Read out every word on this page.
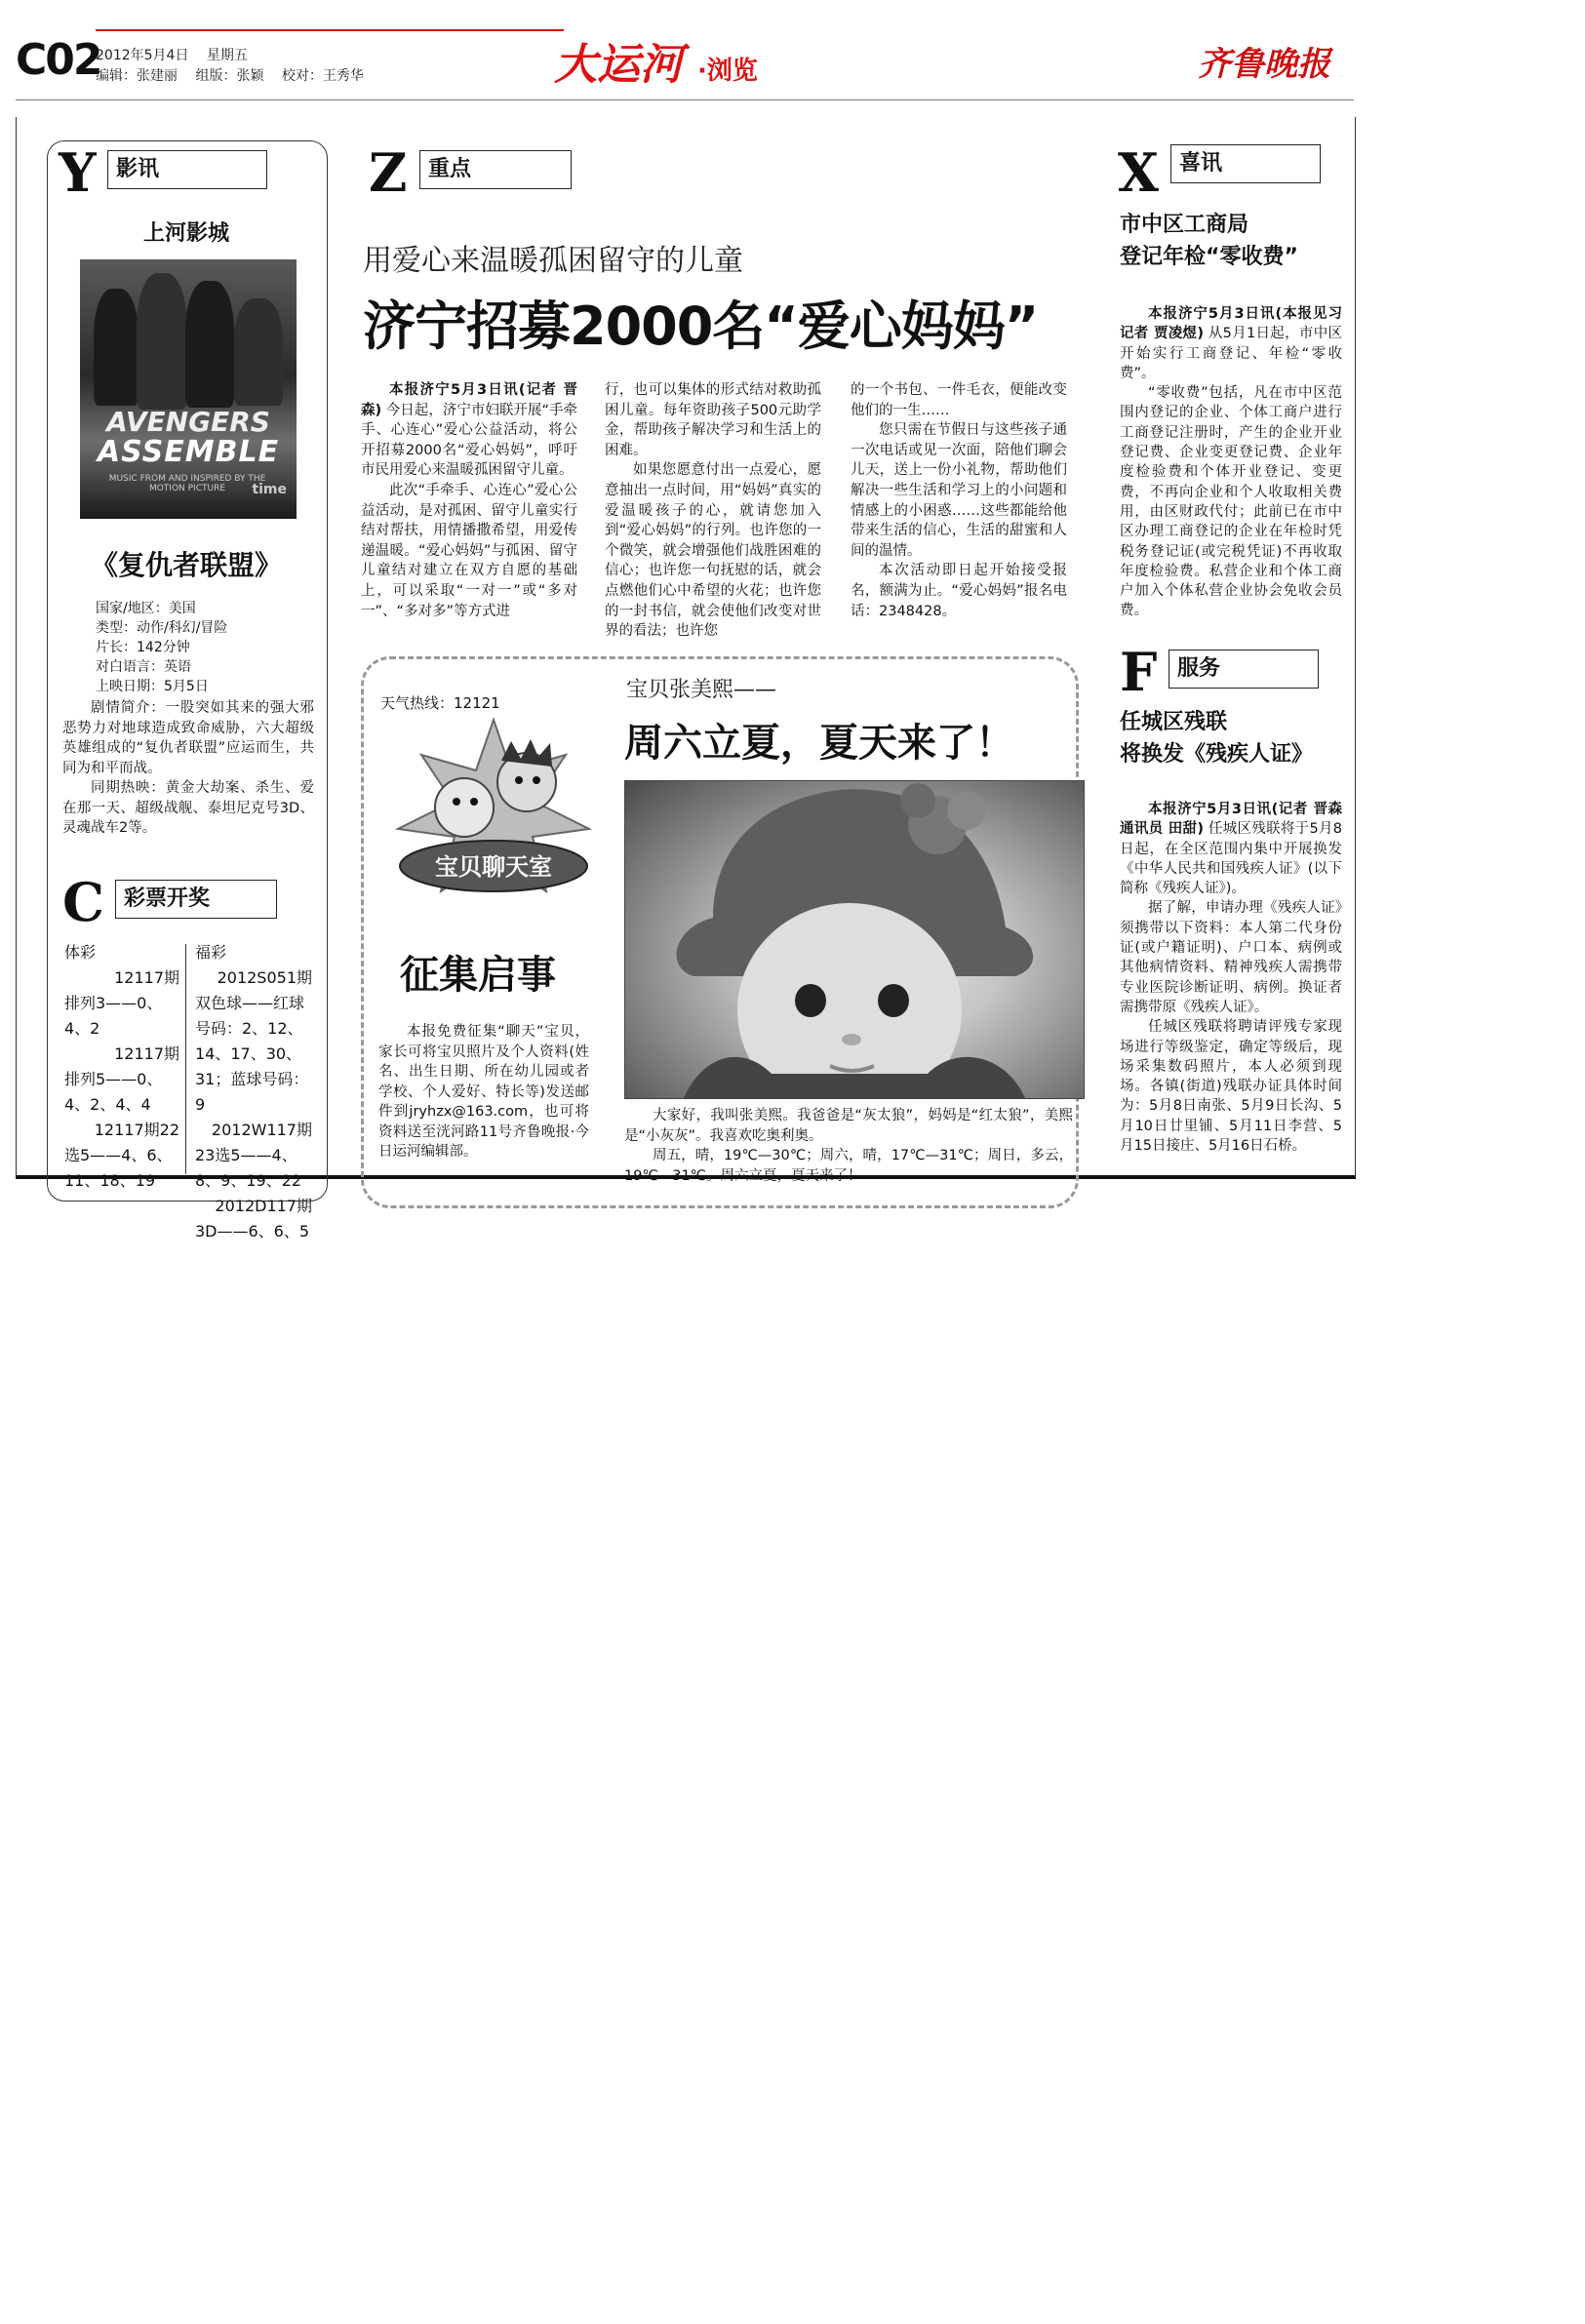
C02
2012年5月4日 星期五
编辑：张建丽 组版：张颖 校对：王秀华	大运河 ·浏览	齐鲁晚报
Y 影讯
上河影城
AVENGERS
ASSEMBLE
MUSIC FROM AND INSPIRED BY THE MOTION PICTURE	time
《复仇者联盟》
国家/地区：美国
类型：动作/科幻/冒险
片长：142分钟
对白语言：英语
上映日期：5月5日
剧情简介：一股突如其来的强大邪恶势力对地球造成致命威胁，六大超级英雄组成的“复仇者联盟”应运而生，共同为和平而战。
同期热映：黄金大劫案、杀生、爱在那一天、超级战舰、泰坦尼克号3D、灵魂战车2等。
C 彩票开奖
体彩
12117期
排列3——0、4、2
12117期
排列5——0、4、2、4、4
12117期22
选5——4、6、11、18、19
福彩
2012S051期
双色球——红球号码：2、12、14、17、30、31；蓝球号码：9
2012W117期
23选5——4、8、9、19、22
2012D117期
3D——6、6、5
Z 重点
用爱心来温暖孤困留守的儿童
济宁招募2000名“爱心妈妈”
本报济宁5月3日讯(记者 晋森) 今日起，济宁市妇联开展“手牵手、心连心”爱心公益活动，将公开招募2000名“爱心妈妈”，呼吁市民用爱心来温暖孤困留守儿童。
此次“手牵手、心连心”爱心公益活动，是对孤困、留守儿童实行结对帮扶，用情播撒希望，用爱传递温暖。“爱心妈妈”与孤困、留守儿童结对建立在双方自愿的基础上，可以采取“一对一”或“多对一”、“多对多”等方式进
行，也可以集体的形式结对救助孤困儿童。每年资助孩子500元助学金，帮助孩子解决学习和生活上的困难。
如果您愿意付出一点爱心，愿意抽出一点时间，用“妈妈”真实的爱温暖孩子的心，就请您加入到“爱心妈妈”的行列。也许您的一个微笑，就会增强他们战胜困难的信心；也许您一句抚慰的话，就会点燃他们心中希望的火花；也许您的一封书信，就会使他们改变对世界的看法；也许您
的一个书包、一件毛衣，便能改变他们的一生……
您只需在节假日与这些孩子通一次电话或见一次面，陪他们聊会儿天，送上一份小礼物，帮助他们解决一些生活和学习上的小问题和情感上的小困惑……这些都能给他带来生活的信心，生活的甜蜜和人间的温情。
本次活动即日起开始接受报名，额满为止。“爱心妈妈”报名电话：2348428。
天气热线：12121
宝贝聊天室
征集启事
本报免费征集“聊天”宝贝，家长可将宝贝照片及个人资料(姓名、出生日期、所在幼儿园或者学校、个人爱好、特长等)发送邮件到jryhzx@163.com，也可将资料送至洸河路11号齐鲁晚报·今日运河编辑部。
宝贝张美熙——
周六立夏，夏天来了！
大家好，我叫张美熙。我爸爸是“灰太狼”，妈妈是“红太狼”，美熙是“小灰灰”。我喜欢吃奥利奥。
周五，晴，19℃—30℃；周六，晴，17℃—31℃；周日，多云，19℃—31℃。周六立夏，夏天来了！
X 喜讯
市中区工商局
登记年检“零收费”
本报济宁5月3日讯(本报见习记者 贾凌煜) 从5月1日起，市中区开始实行工商登记、年检“零收费”。
“零收费”包括，凡在市中区范围内登记的企业、个体工商户进行工商登记注册时，产生的企业开业登记费、企业变更登记费、企业年度检验费和个体开业登记、变更费，不再向企业和个人收取相关费用，由区财政代付；此前已在市中区办理工商登记的企业在年检时凭税务登记证(或完税凭证)不再收取年度检验费。私营企业和个体工商户加入个体私营企业协会免收会员费。
F 服务
任城区残联
将换发《残疾人证》
本报济宁5月3日讯(记者 晋森 通讯员 田甜) 任城区残联将于5月8日起，在全区范围内集中开展换发《中华人民共和国残疾人证》(以下简称《残疾人证》)。
据了解，申请办理《残疾人证》须携带以下资料：本人第二代身份证(或户籍证明)、户口本、病例或其他病情资料、精神残疾人需携带专业医院诊断证明、病例。换证者需携带原《残疾人证》。
任城区残联将聘请评残专家现场进行等级鉴定，确定等级后，现场采集数码照片，本人必须到现场。各镇(街道)残联办证具体时间为：5月8日南张、5月9日长沟、5月10日廿里铺、5月11日李营、5月15日接庄、5月16日石桥。
